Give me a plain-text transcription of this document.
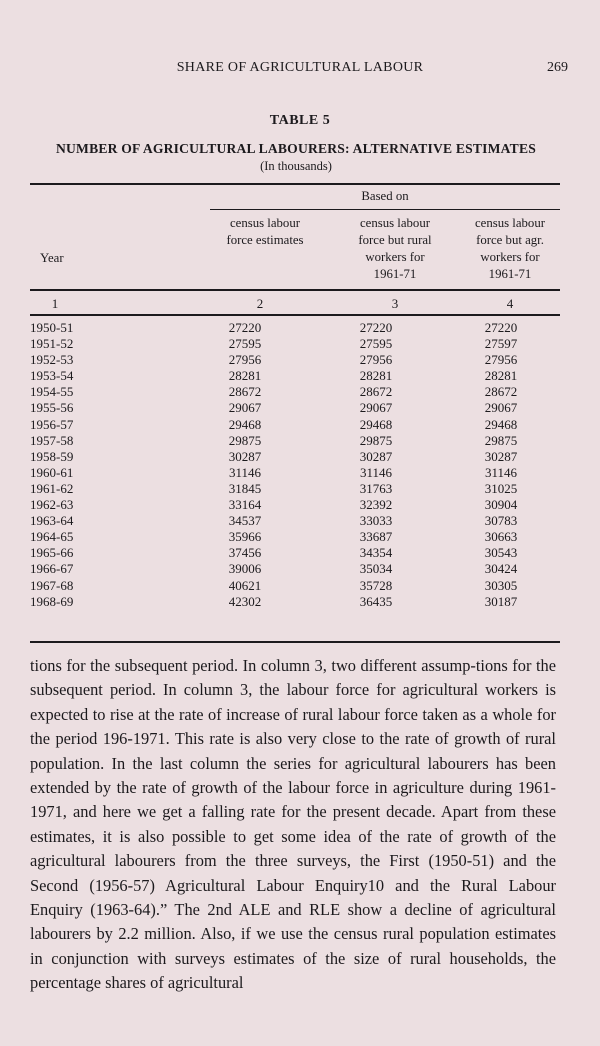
SHARE OF AGRICULTURAL LABOUR	269
TABLE 5
NUMBER OF AGRICULTURAL LABOURERS: ALTERNATIVE ESTIMATES
(In thousands)
Based on
census labour
force estimates
census labour
force but rural
workers for
1961-71
census labour
force but agr.
workers for
1961-71
Year
1	2	3	4
1950-51	27220	27220	27220
1951-52	27595	27595	27597
1952-53	27956	27956	27956
1953-54	28281	28281	28281
1954-55	28672	28672	28672
1955-56	29067	29067	29067
1956-57	29468	29468	29468
1957-58	29875	29875	29875
1958-59	30287	30287	30287
1960-61	31146	31146	31146
1961-62	31845	31763	31025
1962-63	33164	32392	30904
1963-64	34537	33033	30783
1964-65	35966	33687	30663
1965-66	37456	34354	30543
1966-67	39006	35034	30424
1967-68	40621	35728	30305
1968-69	42302	36435	30187

tions for the subsequent period. In column 3, two different assump-tions for the subsequent period. In column 3, the labour force for agricultural workers is expected to rise at the rate of increase of rural labour force taken as a whole for the period 196-1971. This rate is also very close to the rate of growth of rural population. In the last column the series for agricultural labourers has been extended by the rate of growth of the labour force in agriculture during 1961-1971, and here we get a falling rate for the present decade. Apart from these estimates, it is also possible to get some idea of the rate of growth of the agricultural labourers from the three surveys, the First (1950-51) and the Second (1956-57) Agricultural Labour Enquiry10 and the Rural Labour Enquiry (1963-64).” The 2nd ALE and RLE show a decline of agricultural labourers by 2.2 million. Also, if we use the census rural population estimates in conjunction with surveys estimates of the size of rural households, the percentage shares of agricultural
